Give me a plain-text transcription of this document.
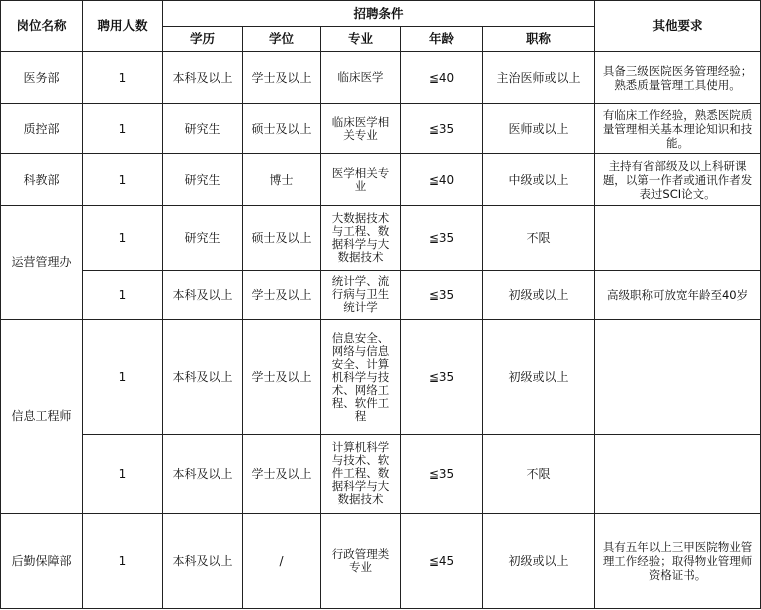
岗位名称	聘用人数	招聘条件					其他要求
		学历	学位	专业	年龄	职称	
医务部	1	本科及以上	学士及以上	临床医学	≦40	主治医师或以上	具备三级医院医务管理经验；熟悉质量管理工具使用。
质控部	1	研究生	硕士及以上	临床医学相关专业	≦35	医师或以上	有临床工作经验，熟悉医院质量管理相关基本理论知识和技能。
科教部	1	研究生	博士	医学相关专业	≦40	中级或以上	主持有省部级及以上科研课题，以第一作者或通讯作者发表过SCI论文。
运营管理办	1	研究生	硕士及以上	大数据技术与工程、数据科学与大数据技术	≦35	不限	
	1	本科及以上	学士及以上	统计学、流行病与卫生统计学	≦35	初级或以上	高级职称可放宽年龄至40岁
信息工程师	1	本科及以上	学士及以上	信息安全、网络与信息安全、计算机科学与技术、网络工程、软件工程	≦35	初级或以上	
	1	本科及以上	学士及以上	计算机科学与技术、软件工程、数据科学与大数据技术	≦35	不限	
后勤保障部	1	本科及以上	/	行政管理类专业	≦45	初级或以上	具有五年以上三甲医院物业管理工作经验；取得物业管理师资格证书。
